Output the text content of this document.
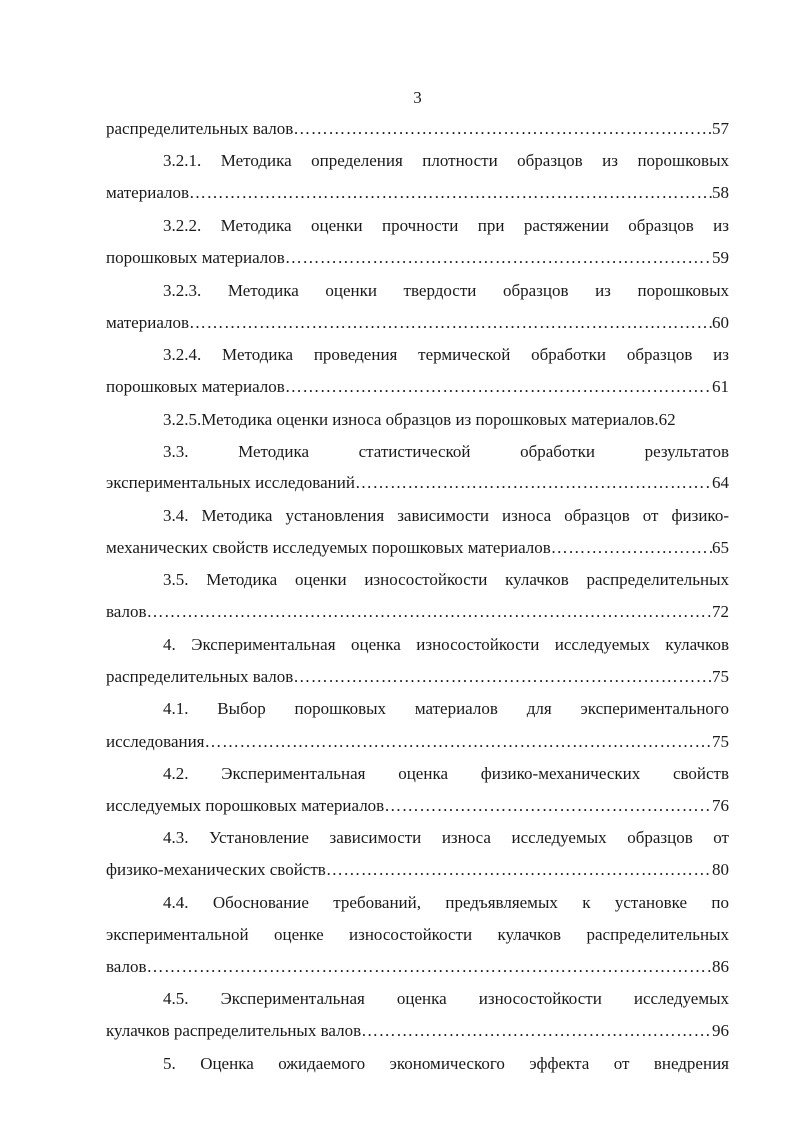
3
распределительных валов …………………………………………………………………………………………………………………………………………………………………………	57
3.2.1. Методика определения плотности образцов из порошковых
материалов …………………………………………………………………………………………………………………………………………………………………………	58
3.2.2. Методика оценки прочности при растяжении образцов из
порошковых материалов …………………………………………………………………………………………………………………………………………………………………………	59
3.2.3. Методика оценки твердости образцов из порошковых
материалов …………………………………………………………………………………………………………………………………………………………………………	60
3.2.4. Методика проведения термической обработки образцов из
порошковых материалов …………………………………………………………………………………………………………………………………………………………………………	61
3.2.5.Методика оценки износа образцов из порошковых материалов.62
3.3. Методика статистической обработки результатов
экспериментальных исследований …………………………………………………………………………………………………………………………………………………………………………	64
3.4. Методика установления зависимости износа образцов от физико-
механических свойств исследуемых порошковых материалов …………………………………………………………………………………………………………………………………………………………………………	65
3.5. Методика оценки износостойкости кулачков распределительных
валов …………………………………………………………………………………………………………………………………………………………………………	72
4. Экспериментальная оценка износостойкости исследуемых кулачков
распределительных валов …………………………………………………………………………………………………………………………………………………………………………	75
4.1. Выбор порошковых материалов для экспериментального
исследования …………………………………………………………………………………………………………………………………………………………………………	75
4.2. Экспериментальная оценка физико-механических свойств
исследуемых порошковых материалов …………………………………………………………………………………………………………………………………………………………………………	76
4.3. Установление зависимости износа исследуемых образцов от
физико-механических свойств …………………………………………………………………………………………………………………………………………………………………………	80
4.4. Обоснование требований, предъявляемых к установке по
экспериментальной оценке износостойкости кулачков распределительных
валов …………………………………………………………………………………………………………………………………………………………………………	86
4.5. Экспериментальная оценка износостойкости исследуемых
кулачков распределительных валов …………………………………………………………………………………………………………………………………………………………………………	96
5. Оценка ожидаемого экономического эффекта от внедрения
